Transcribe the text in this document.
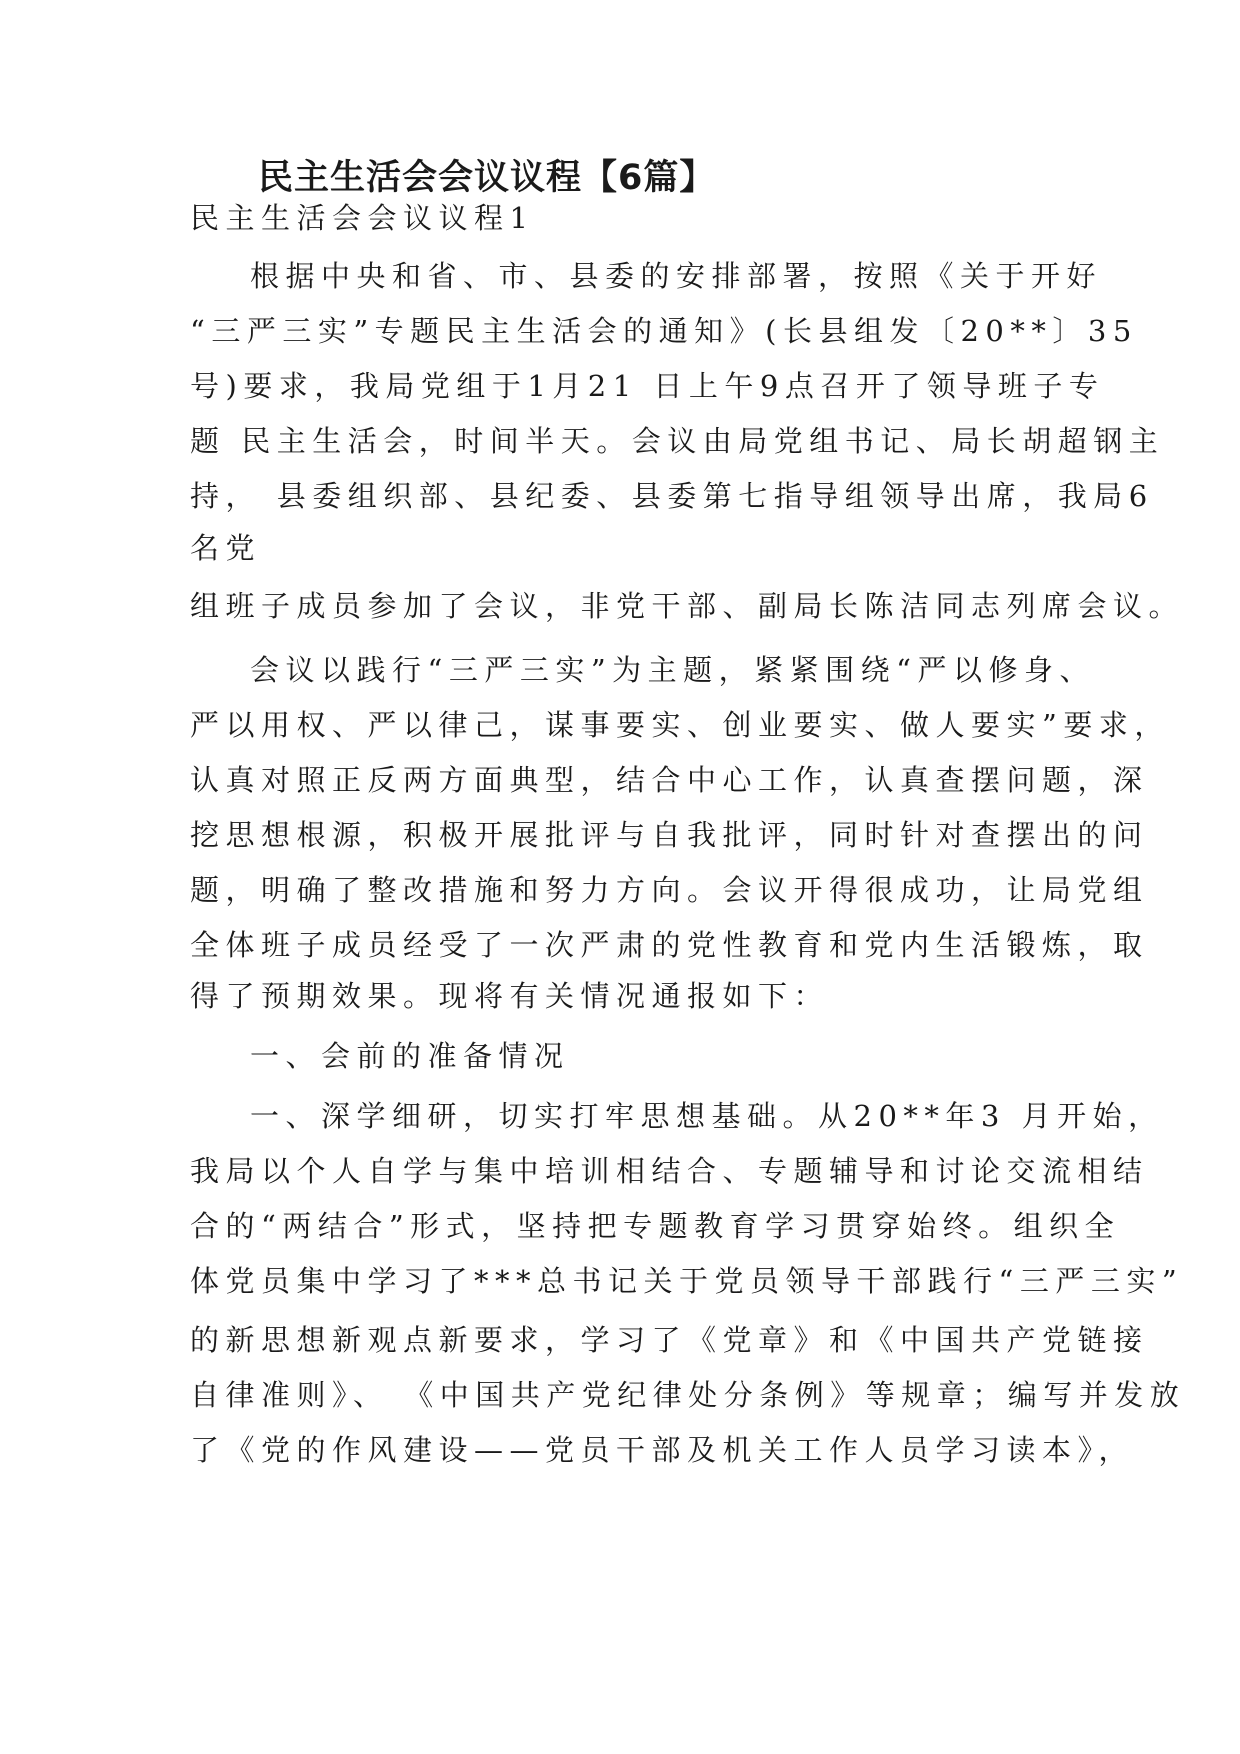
民主生活会会议议程【6篇】
民主生活会会议议程1
根据中央和省、市、县委的安排部署，按照《关于开好
“三严三实”专题民主生活会的通知》(长县组发〔20**〕35
号)要求，我局党组于1月21 日上午9点召开了领导班子专
题 民主生活会，时间半天。会议由局党组书记、局长胡超钢主
持， 县委组织部、县纪委、县委第七指导组领导出席，我局6
名党
组班子成员参加了会议，非党干部、副局长陈洁同志列席会议。
会议以践行“三严三实”为主题，紧紧围绕“严以修身、
严以用权、严以律己，谋事要实、创业要实、做人要实”要求，
认真对照正反两方面典型，结合中心工作，认真查摆问题，深
挖思想根源，积极开展批评与自我批评，同时针对查摆出的问
题，明确了整改措施和努力方向。会议开得很成功，让局党组
全体班子成员经受了一次严肃的党性教育和党内生活锻炼，取
得了预期效果。现将有关情况通报如下：
一、会前的准备情况
一、深学细研，切实打牢思想基础。从20**年3 月开始，
我局以个人自学与集中培训相结合、专题辅导和讨论交流相结
合的“两结合”形式，坚持把专题教育学习贯穿始终。组织全
体党员集中学习了***总书记关于党员领导干部践行“三严三实”
的新思想新观点新要求，学习了《党章》和《中国共产党链接
自律准则》、 《中国共产党纪律处分条例》等规章；编写并发放
了《党的作风建设——党员干部及机关工作人员学习读本》，
